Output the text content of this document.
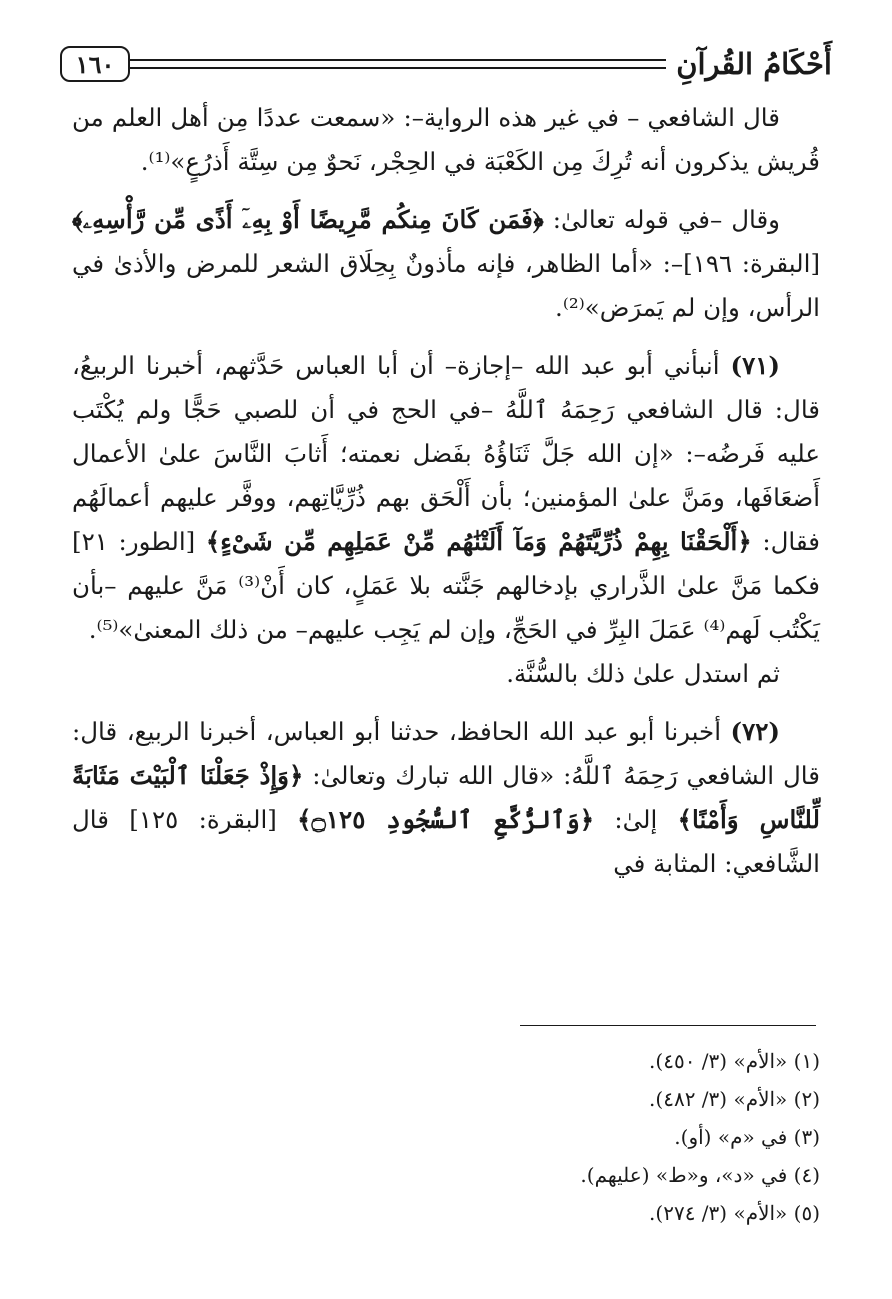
أَحْكَامُ القُرآنِ
١٦٠

قال الشافعي – في غير هذه الرواية–: «سمعت عددًا مِن أهل العلم من قُريش يذكرون أنه تُرِكَ مِن الكَعْبَة في الحِجْر، نَحوٌ مِن سِتَّة أَذرُعٍ»⁽¹⁾.

وقال –في قوله تعالىٰ: ﴿فَمَن كَانَ مِنكُم مَّرِيضًا أَوْ بِهِۦٓ أَذًى مِّن رَّأْسِهِۦ﴾ [البقرة: ١٩٦]–: «أما الظاهر، فإنه مأذونٌ بِحِلَاق الشعر للمرض والأذىٰ في الرأس، وإن لم يَمرَض»⁽²⁾.

(٧١) أنبأني أبو عبد الله –إجازة– أن أبا العباس حَدَّثهم، أخبرنا الربيعُ، قال: قال الشافعي رَحِمَهُ ٱللَّهُ –في الحج في أن للصبي حَجًّا ولم يُكْتَب عليه فَرضُه–: «إن الله جَلَّ ثَنَاؤُهُ بفَضل نعمته؛ أَثابَ النَّاسَ علىٰ الأعمال أَضعَافَها، ومَنَّ علىٰ المؤمنين؛ بأن أَلْحَق بهم ذُرِّيَّاتِهم، ووفَّر عليهم أعمالَهُم فقال: ﴿أَلْحَقْنَا بِهِمْ ذُرِّيَّتَهُمْ وَمَآ أَلَتْنَٰهُم مِّنْ عَمَلِهِم مِّن شَىْءٍ﴾ [الطور: ٢١] فكما مَنَّ علىٰ الذَّراري بإدخالهم جَنَّته بلا عَمَلٍ، كان أَنْ⁽³⁾ مَنَّ عليهم –بأن يَكْتُب لَهم⁽⁴⁾ عَمَلَ البِرِّ في الحَجِّ، وإن لم يَجِب عليهم– من ذلك المعنىٰ»⁽⁵⁾.

ثم استدل علىٰ ذلك بالسُّنَّة.

(٧٢) أخبرنا أبو عبد الله الحافظ، حدثنا أبو العباس، أخبرنا الربيع، قال: قال الشافعي رَحِمَهُ ٱللَّهُ: «قال الله تبارك وتعالىٰ: ﴿وَإِذْ جَعَلْنَا ٱلْبَيْتَ مَثَابَةً لِّلنَّاسِ وَأَمْنًا﴾ إلىٰ: ﴿وَٱلرُّكَّعِ ٱلسُّجُودِ ۝١٢٥﴾ [البقرة: ١٢٥] قال الشَّافعي: المثابة في

(١) «الأم» (٣/ ٤٥٠).
(٢) «الأم» (٣/ ٤٨٢).
(٣) في «م» (أو).
(٤) في «د»، و«ط» (عليهم).
(٥) «الأم» (٣/ ٢٧٤).
